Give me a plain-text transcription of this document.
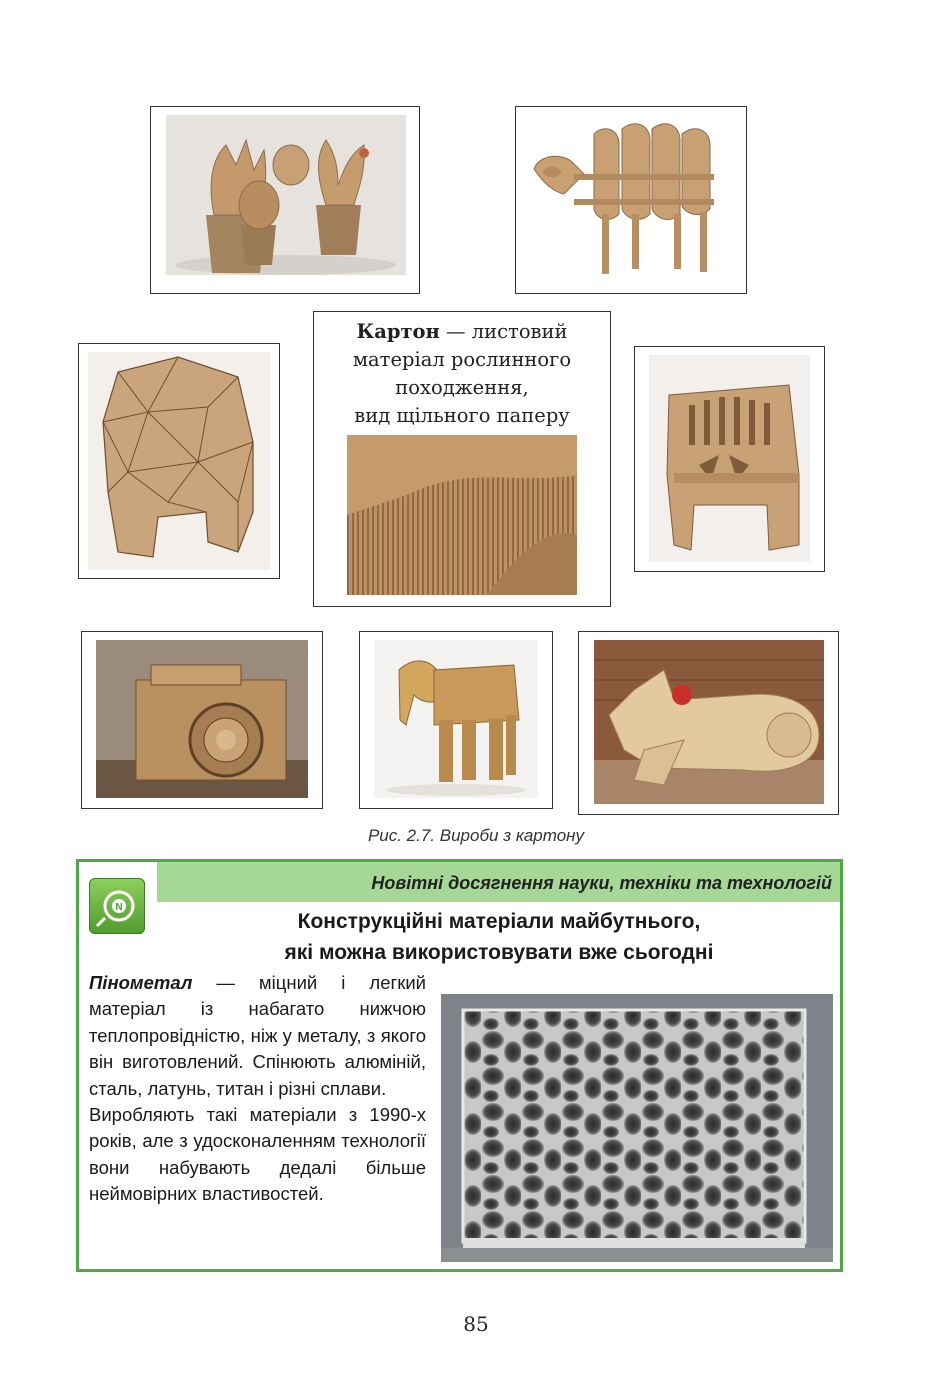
Картон — листовий
матеріал рослинного
походження,
вид щільного паперу
Рис. 2.7. Вироби з картону
Новітні досягнення науки, техніки та технологій
N
Конструкційні матеріали майбутнього,
які можна використовувати вже сьогодні

Пінометал — міцний і легкий матеріал із набагато нижчою теплопровідністю, ніж у металу, з якого він виготовлений. Спінюють алюміній, сталь, латунь, титан і різні сплави.

Виробляють такі матеріали з 1990-х років, але з удосконаленням технології вони набувають дедалі більше неймовірних властивостей.

85
